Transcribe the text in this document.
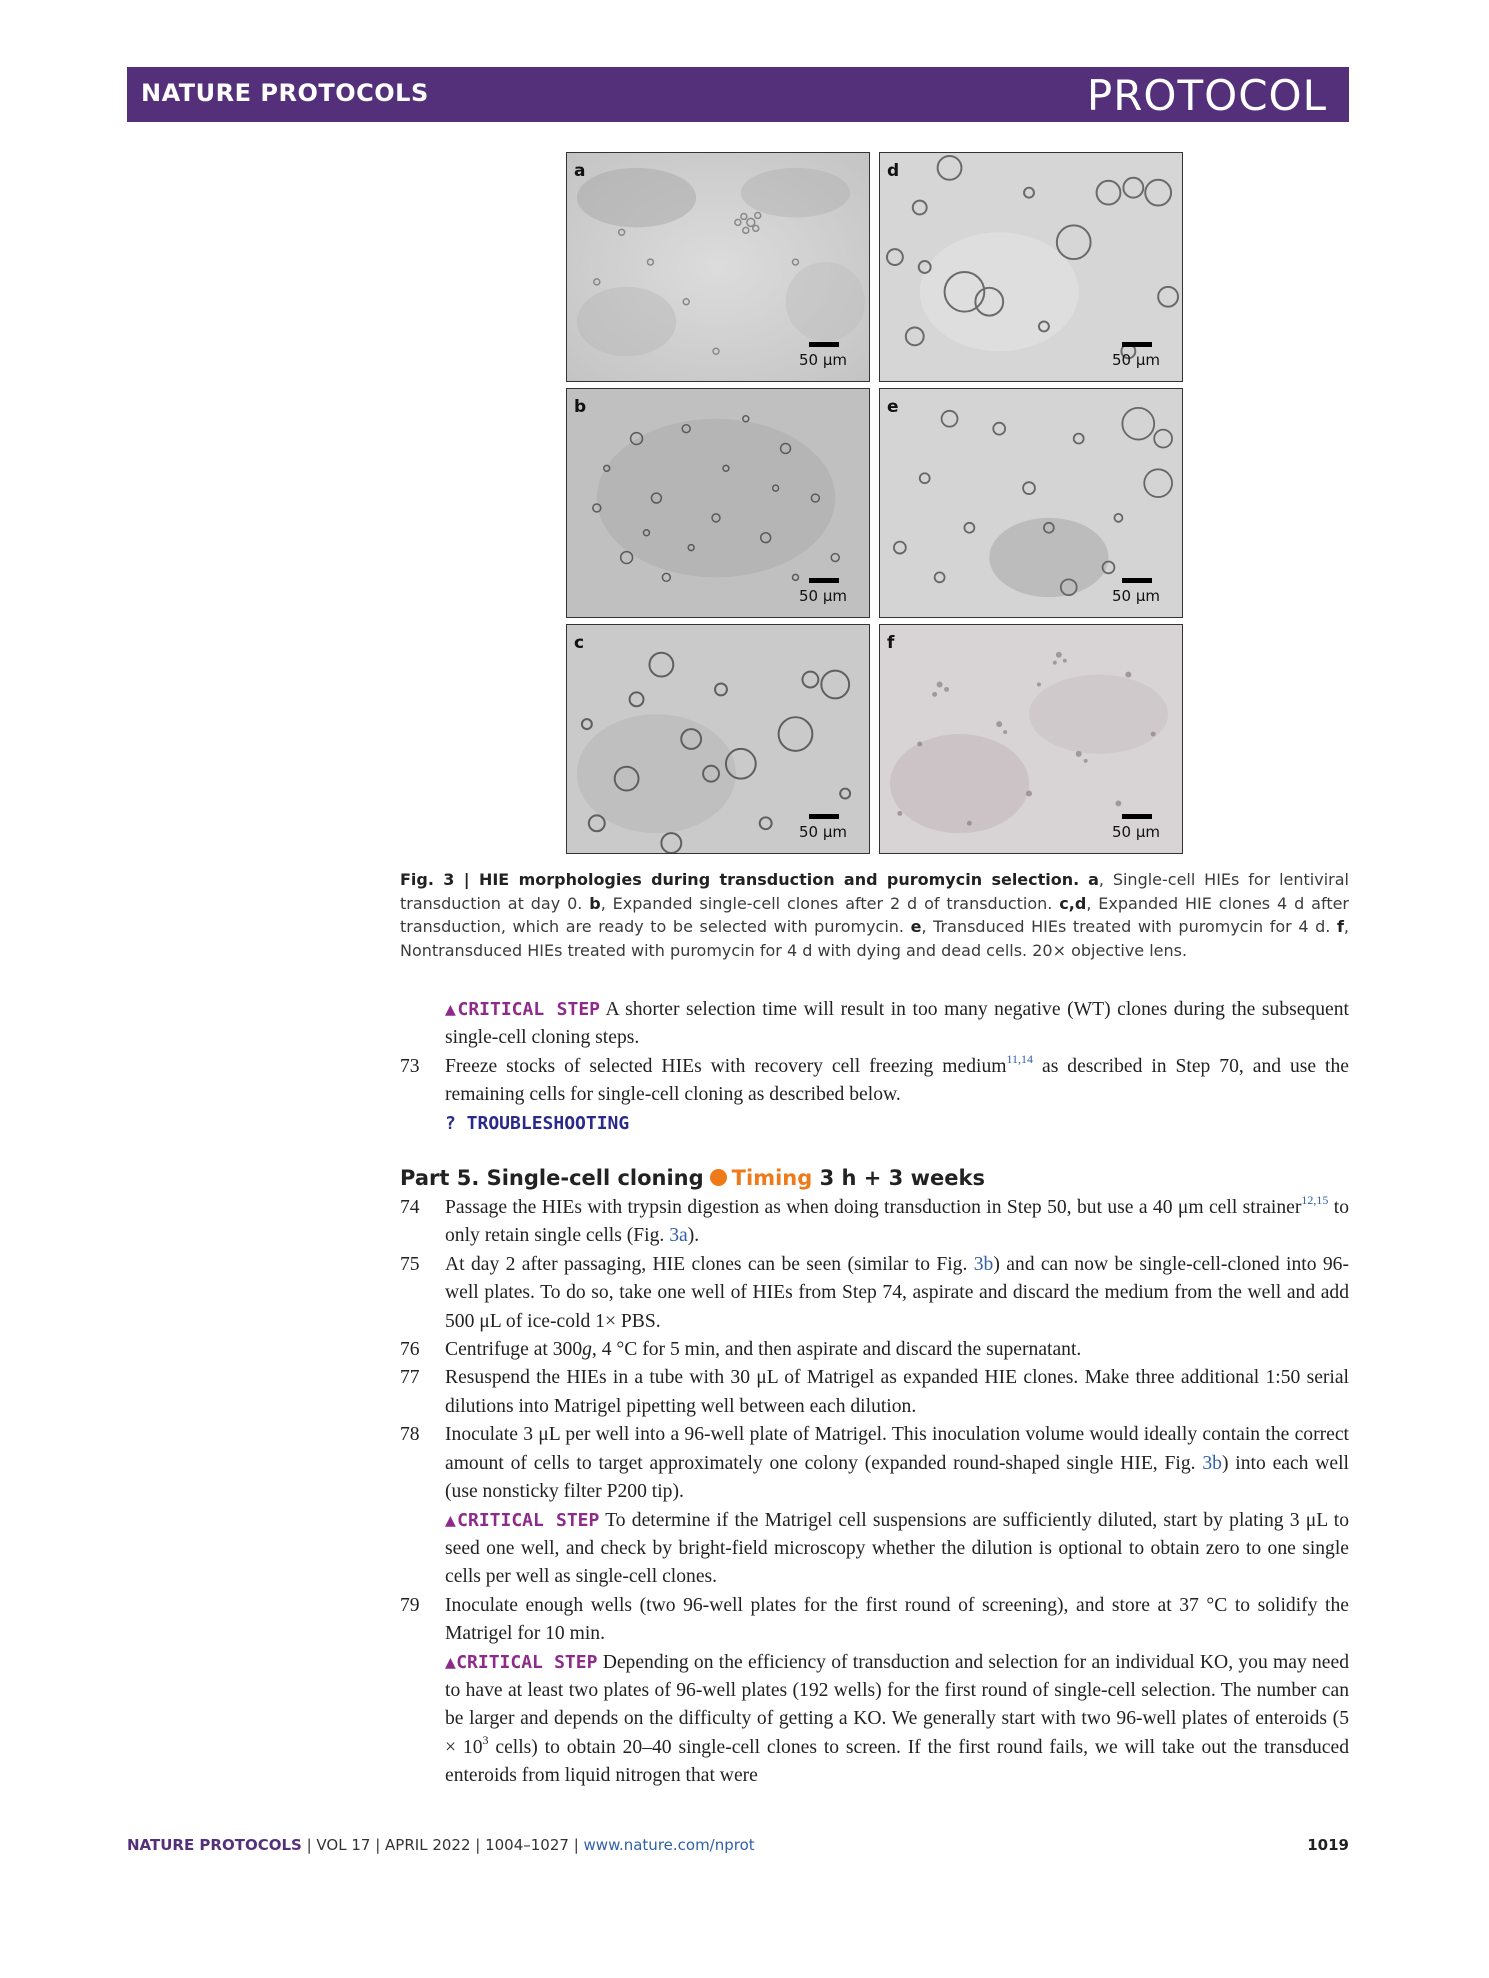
NATURE PROTOCOLS	PROTOCOL
a
50 μm
d
50 μm
b
50 μm
e
50 μm
c
50 μm
f
50 μm
Fig. 3 | HIE morphologies during transduction and puromycin selection. a, Single-cell HIEs for lentiviral transduction at day 0. b, Expanded single-cell clones after 2 d of transduction. c,d, Expanded HIE clones 4 d after transduction, which are ready to be selected with puromycin. e, Transduced HIEs treated with puromycin for 4 d. f, Nontransduced HIEs treated with puromycin for 4 d with dying and dead cells. 20× objective lens.
▲CRITICAL STEP A shorter selection time will result in too many negative (WT) clones during the subsequent single-cell cloning steps.
73 Freeze stocks of selected HIEs with recovery cell freezing medium$^{11,14}$ as described in Step 70, and use the remaining cells for single-cell cloning as described below.
? TROUBLESHOOTING
Part 5. Single-cell cloning Timing 3 h + 3 weeks
74 Passage the HIEs with trypsin digestion as when doing transduction in Step 50, but use a 40 μm cell strainer$^{12,15}$ to only retain single cells (Fig. 3a).
75 At day 2 after passaging, HIE clones can be seen (similar to Fig. 3b) and can now be single-cell-cloned into 96-well plates. To do so, take one well of HIEs from Step 74, aspirate and discard the medium from the well and add 500 μL of ice-cold 1× PBS.
76 Centrifuge at 300g, 4 °C for 5 min, and then aspirate and discard the supernatant.
77 Resuspend the HIEs in a tube with 30 μL of Matrigel as expanded HIE clones. Make three additional 1:50 serial dilutions into Matrigel pipetting well between each dilution.
78 Inoculate 3 μL per well into a 96-well plate of Matrigel. This inoculation volume would ideally contain the correct amount of cells to target approximately one colony (expanded round-shaped single HIE, Fig. 3b) into each well (use nonsticky filter P200 tip).
▲CRITICAL STEP To determine if the Matrigel cell suspensions are sufficiently diluted, start by plating 3 μL to seed one well, and check by bright-field microscopy whether the dilution is optional to obtain zero to one single cells per well as single-cell clones.
79 Inoculate enough wells (two 96-well plates for the first round of screening), and store at 37 °C to solidify the Matrigel for 10 min.
▲CRITICAL STEP Depending on the efficiency of transduction and selection for an individual KO, you may need to have at least two plates of 96-well plates (192 wells) for the first round of single-cell selection. The number can be larger and depends on the difficulty of getting a KO. We generally start with two 96-well plates of enteroids ($5 \times 10^3$ cells) to obtain 20–40 single-cell clones to screen. If the first round fails, we will take out the transduced enteroids from liquid nitrogen that were
NATURE PROTOCOLS | VOL 17 | APRIL 2022 | 1004–1027 | www.nature.com/nprot	1019
